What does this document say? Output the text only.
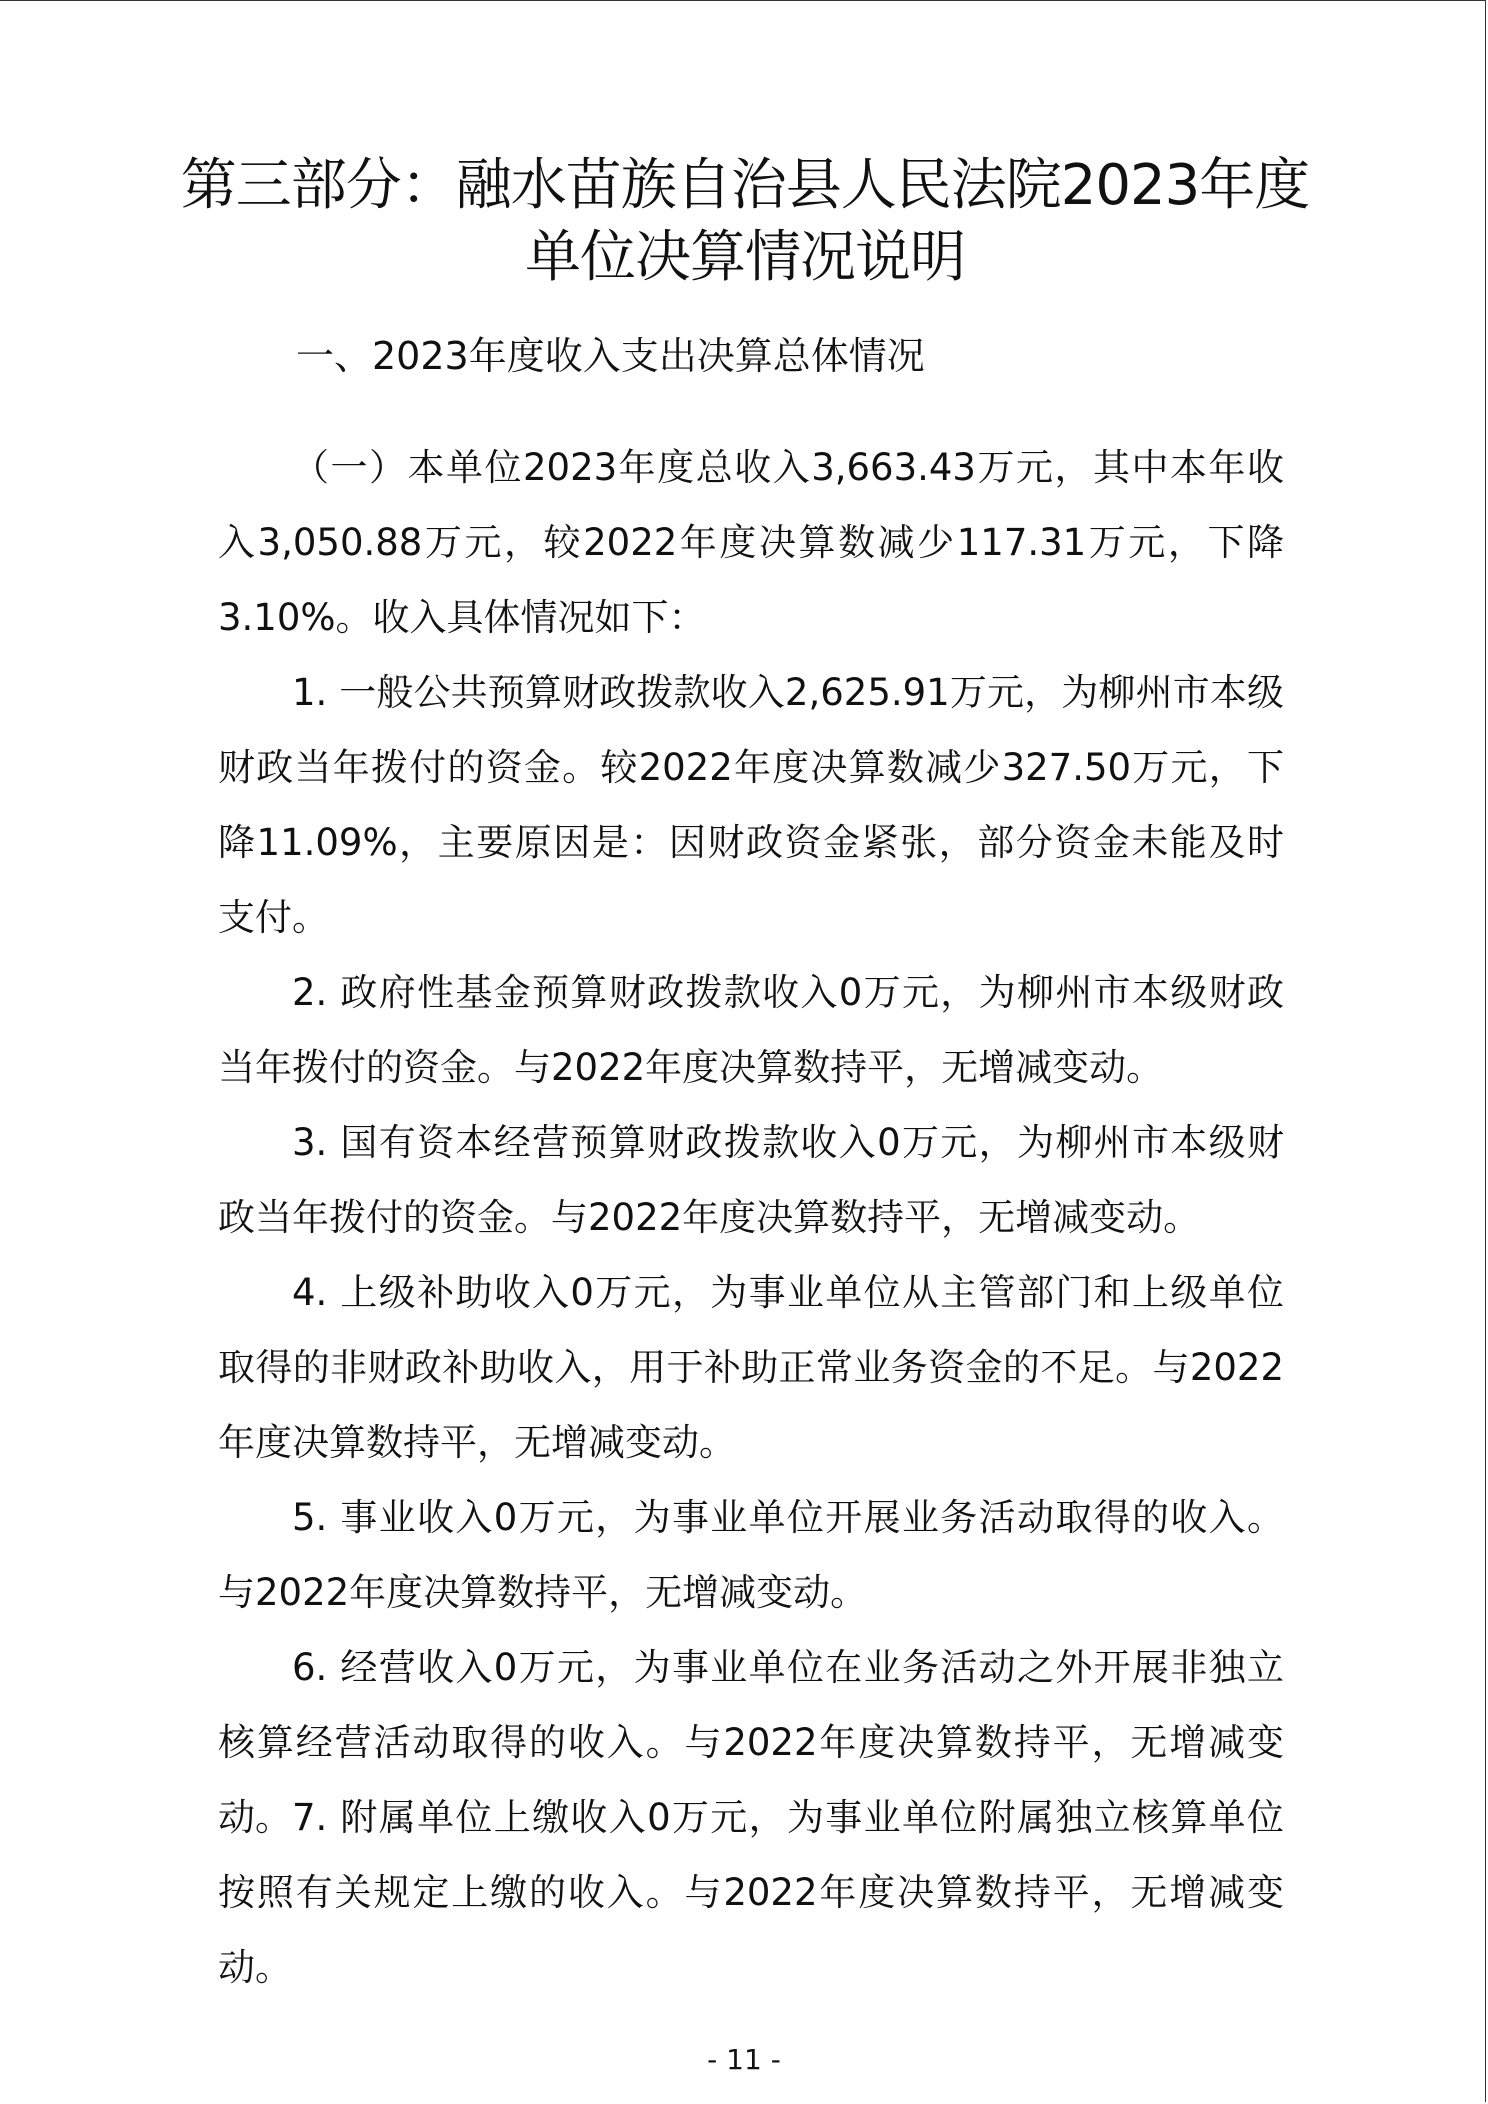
第三部分：融水苗族自治县人民法院2023年度单位决算情况说明
一、2023年度收入支出决算总体情况

（一）本单位2023年度总收入3,663.43万元，其中本年收入3,050.88万元，较2022年度决算数减少117.31万元，下降3.10%。收入具体情况如下：

1. 一般公共预算财政拨款收入2,625.91万元，为柳州市本级财政当年拨付的资金。较2022年度决算数减少327.50万元，下降11.09%，主要原因是：因财政资金紧张，部分资金未能及时支付。

2. 政府性基金预算财政拨款收入0万元，为柳州市本级财政当年拨付的资金。与2022年度决算数持平，无增减变动。

3. 国有资本经营预算财政拨款收入0万元，为柳州市本级财政当年拨付的资金。与2022年度决算数持平，无增减变动。

4. 上级补助收入0万元，为事业单位从主管部门和上级单位取得的非财政补助收入，用于补助正常业务资金的不足。与2022年度决算数持平，无增减变动。

5. 事业收入0万元，为事业单位开展业务活动取得的收入。与2022年度决算数持平，无增减变动。

6. 经营收入0万元，为事业单位在业务活动之外开展非独立核算经营活动取得的收入。与2022年度决算数持平，无增减变动。 7. 附属单位上缴收入0万元，为事业单位附属独立核算单位按照有关规定上缴的收入。与2022年度决算数持平，无增减变动。

- 11 -
